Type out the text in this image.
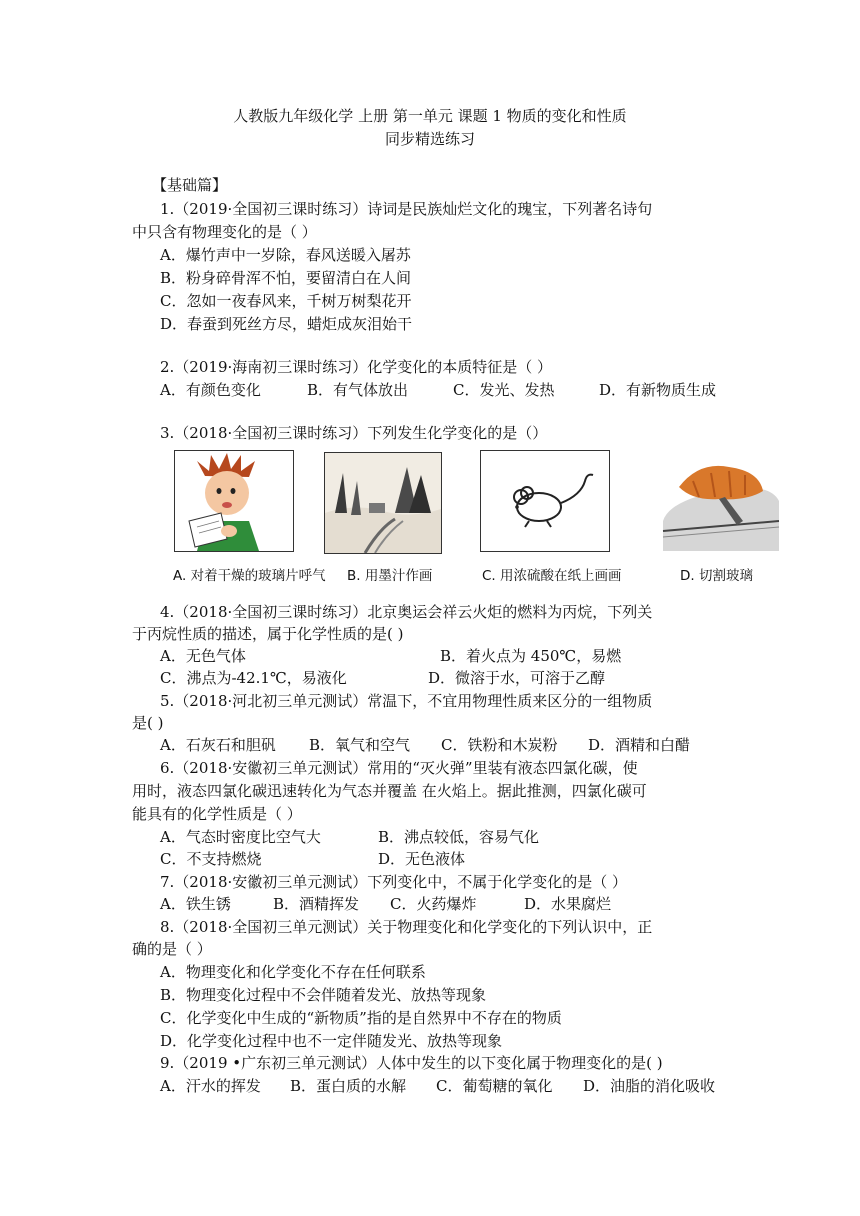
人教版九年级化学 上册 第一单元 课题 1 物质的变化和性质
同步精选练习
【基础篇】
1.（2019·全国初三课时练习）诗词是民族灿烂文化的瑰宝，下列著名诗句
中只含有物理变化的是（ ）
A．爆竹声中一岁除，春风送暖入屠苏
B．粉身碎骨浑不怕，要留清白在人间
C．忽如一夜春风来，千树万树梨花开
D．春蚕到死丝方尽，蜡炬成灰泪始干
2.（2019·海南初三课时练习）化学变化的本质特征是（ ）
A．有颜色变化	B．有气体放出	C．发光、发热	D．有新物质生成
3.（2018·全国初三课时练习）下列发生化学变化的是（）
A. 对着干燥的玻璃片呼气 B. 用墨汁作画	C. 用浓硫酸在纸上画画	D. 切割玻璃
4.（2018·全国初三课时练习）北京奥运会祥云火炬的燃料为丙烷，下列关
于丙烷性质的描述，属于化学性质的是( )
A．无色气体	B．着火点为 450℃，易燃
C．沸点为-42.1℃，易液化	D．微溶于水，可溶于乙醇
5.（2018·河北初三单元测试）常温下，不宜用物理性质来区分的一组物质
是( )
A．石灰石和胆矾 B．氧气和空气 C．铁粉和木炭粉 D．酒精和白醋
6.（2018·安徽初三单元测试）常用的“灭火弹”里装有液态四氯化碳，使
用时，液态四氯化碳迅速转化为气态并覆盖 在火焰上。据此推测，四氯化碳可
能具有的化学性质是（ ）
A．气态时密度比空气大	B．沸点较低，容易气化
C．不支持燃烧	D．无色液体
7.（2018·安徽初三单元测试）下列变化中，不属于化学变化的是（ ）
A．铁生锈	B．酒精挥发 C．火药爆炸	D．水果腐烂
8.（2018·全国初三单元测试）关于物理变化和化学变化的下列认识中，正
确的是（ ）
A．物理变化和化学变化不存在任何联系
B．物理变化过程中不会伴随着发光、放热等现象
C．化学变化中生成的“新物质”指的是自然界中不存在的物质
D．化学变化过程中也不一定伴随发光、放热等现象
9.（2019 •广东初三单元测试）人体中发生的以下变化属于物理变化的是( )
A．汗水的挥发 B．蛋白质的水解 C．葡萄糖的氧化 D．油脂的消化吸收
